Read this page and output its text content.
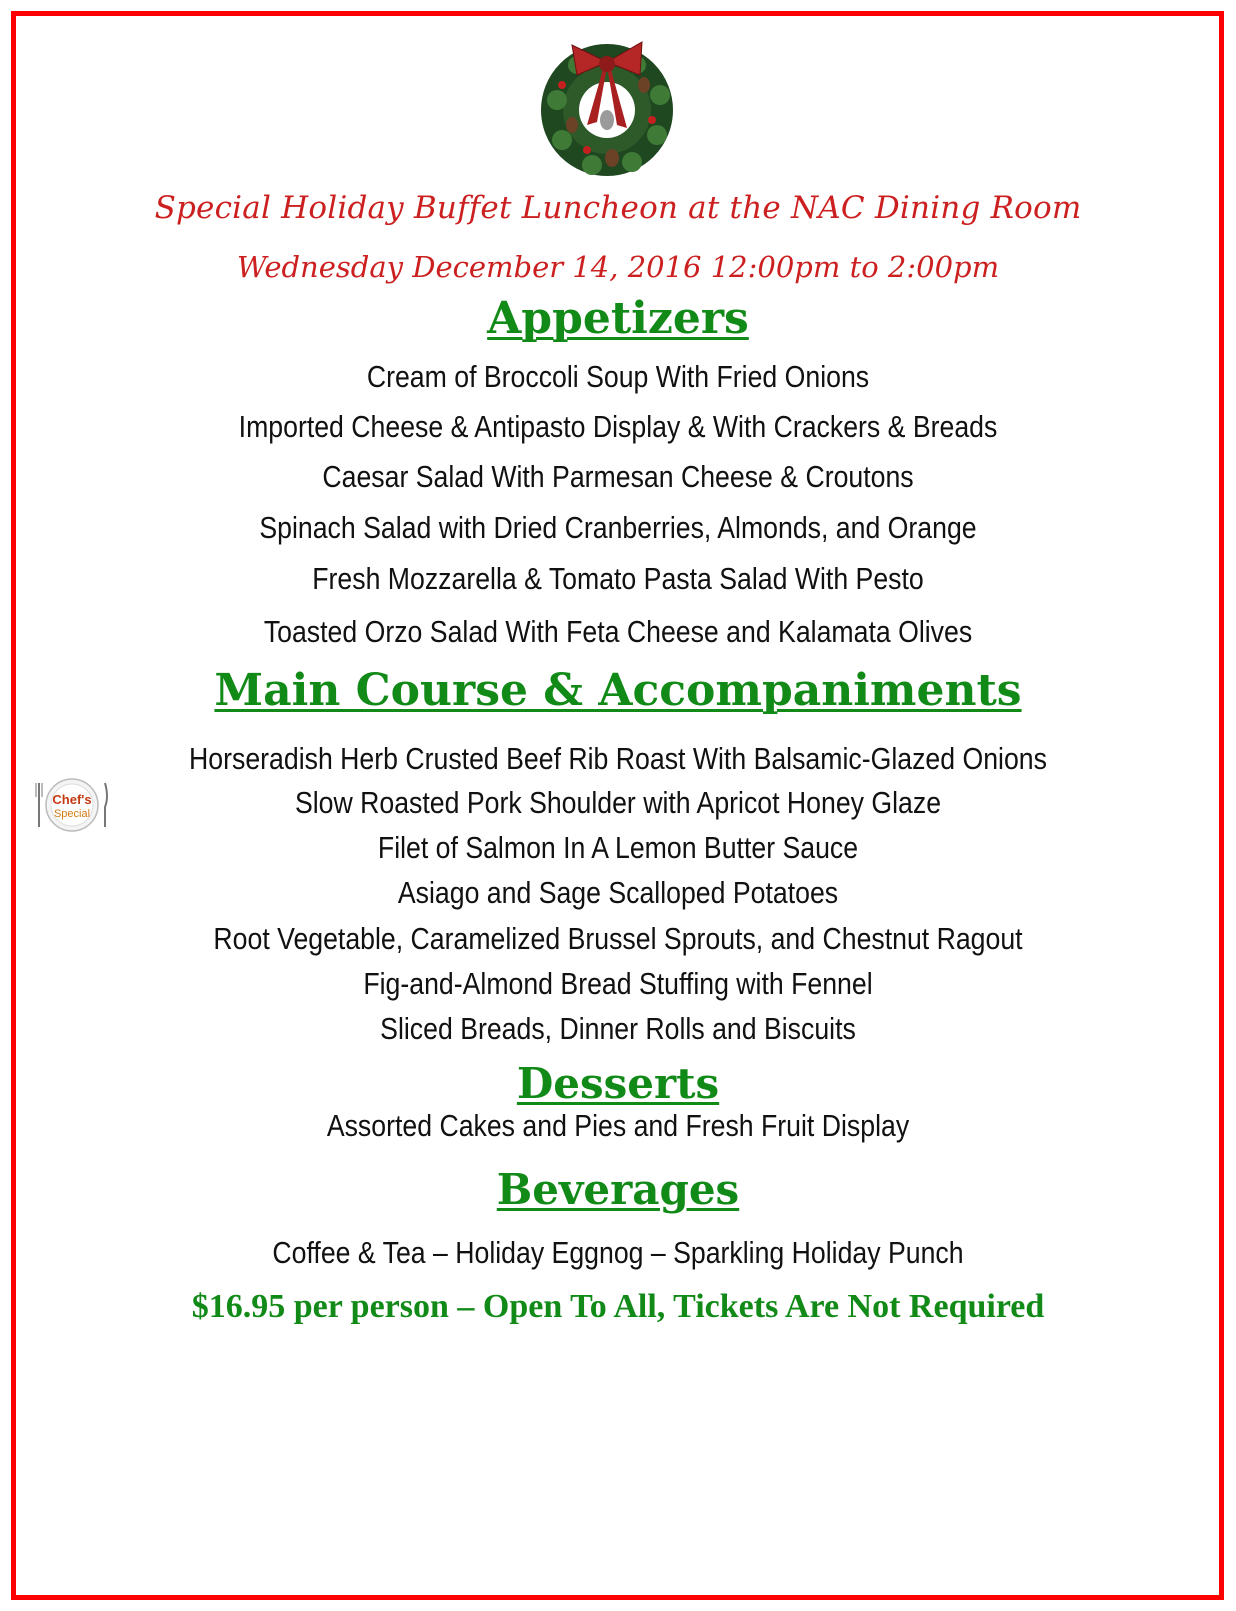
Special Holiday Buffet Luncheon at the NAC Dining Room
Wednesday December 14, 2016 12:00pm to 2:00pm
Appetizers
Cream of Broccoli Soup With Fried Onions
Imported Cheese & Antipasto Display & With Crackers & Breads
Caesar Salad With Parmesan Cheese & Croutons
Spinach Salad with Dried Cranberries, Almonds, and Orange
Fresh Mozzarella & Tomato Pasta Salad With Pesto
Toasted Orzo Salad With Feta Cheese and Kalamata Olives
Main Course & Accompaniments
Chef's
Special
Horseradish Herb Crusted Beef Rib Roast With Balsamic-Glazed Onions
Slow Roasted Pork Shoulder with Apricot Honey Glaze
Filet of Salmon In A Lemon Butter Sauce
Asiago and Sage Scalloped Potatoes
Root Vegetable, Caramelized Brussel Sprouts, and Chestnut Ragout
Fig-and-Almond Bread Stuffing with Fennel
Sliced Breads, Dinner Rolls and Biscuits
Desserts
Assorted Cakes and Pies and Fresh Fruit Display
Beverages
Coffee & Tea – Holiday Eggnog – Sparkling Holiday Punch
$16.95 per person – Open To All, Tickets Are Not Required
